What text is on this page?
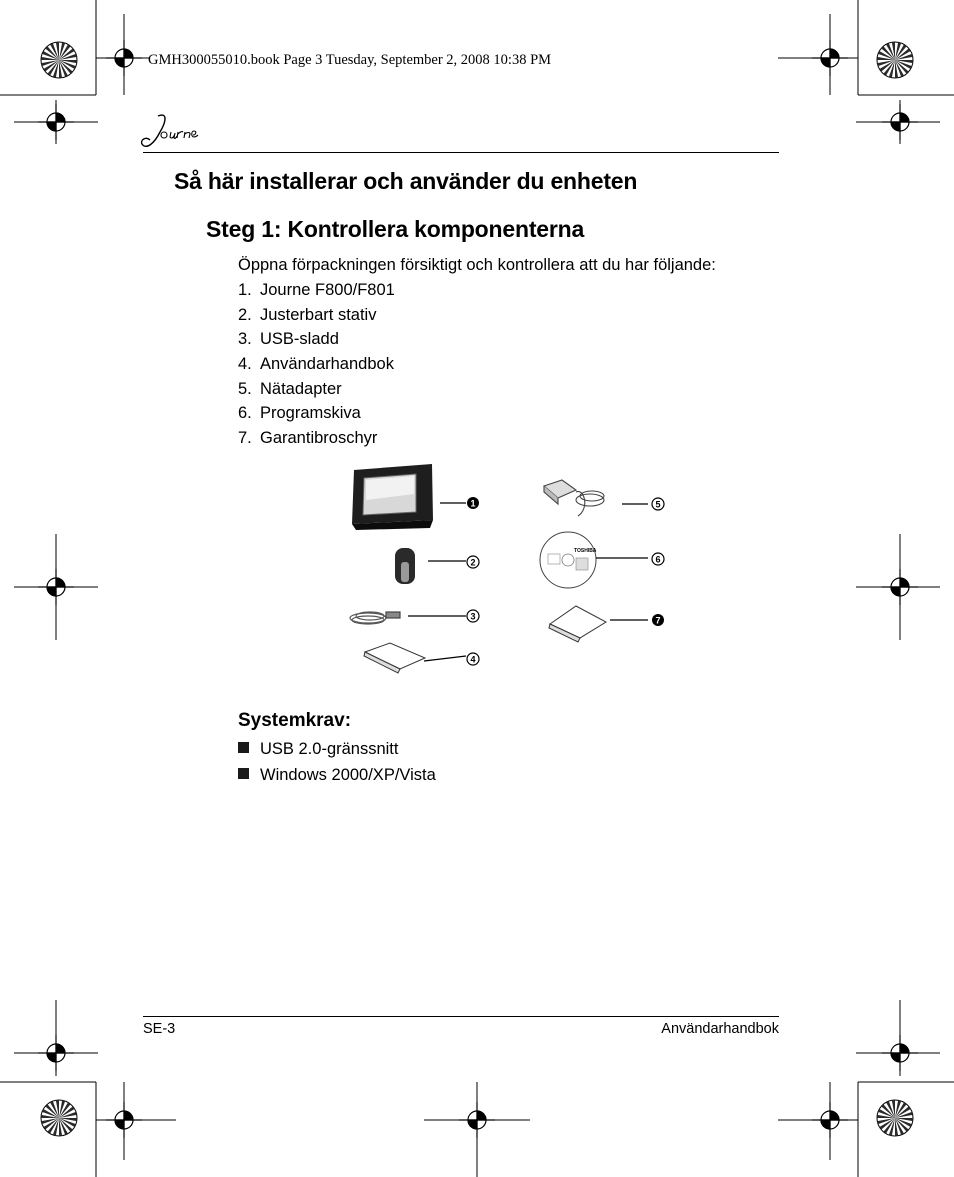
GMH300055010.book Page 3 Tuesday, September 2, 2008 10:38 PM
Så här installerar och använder du enheten
Steg 1: Kontrollera komponenterna
Öppna förpackningen försiktigt och kontrollera att du har följande:
1. Journe F800/F801
2. Justerbart stativ
3. USB-sladd
4. Användarhandbok
5. Nätadapter
6. Programskiva
7. Garantibroschyr
TOSHIBA
1
2
3
4
5
6
7
Systemkrav:
USB 2.0-gränssnitt
Windows 2000/XP/Vista
SE-3	Användarhandbok
